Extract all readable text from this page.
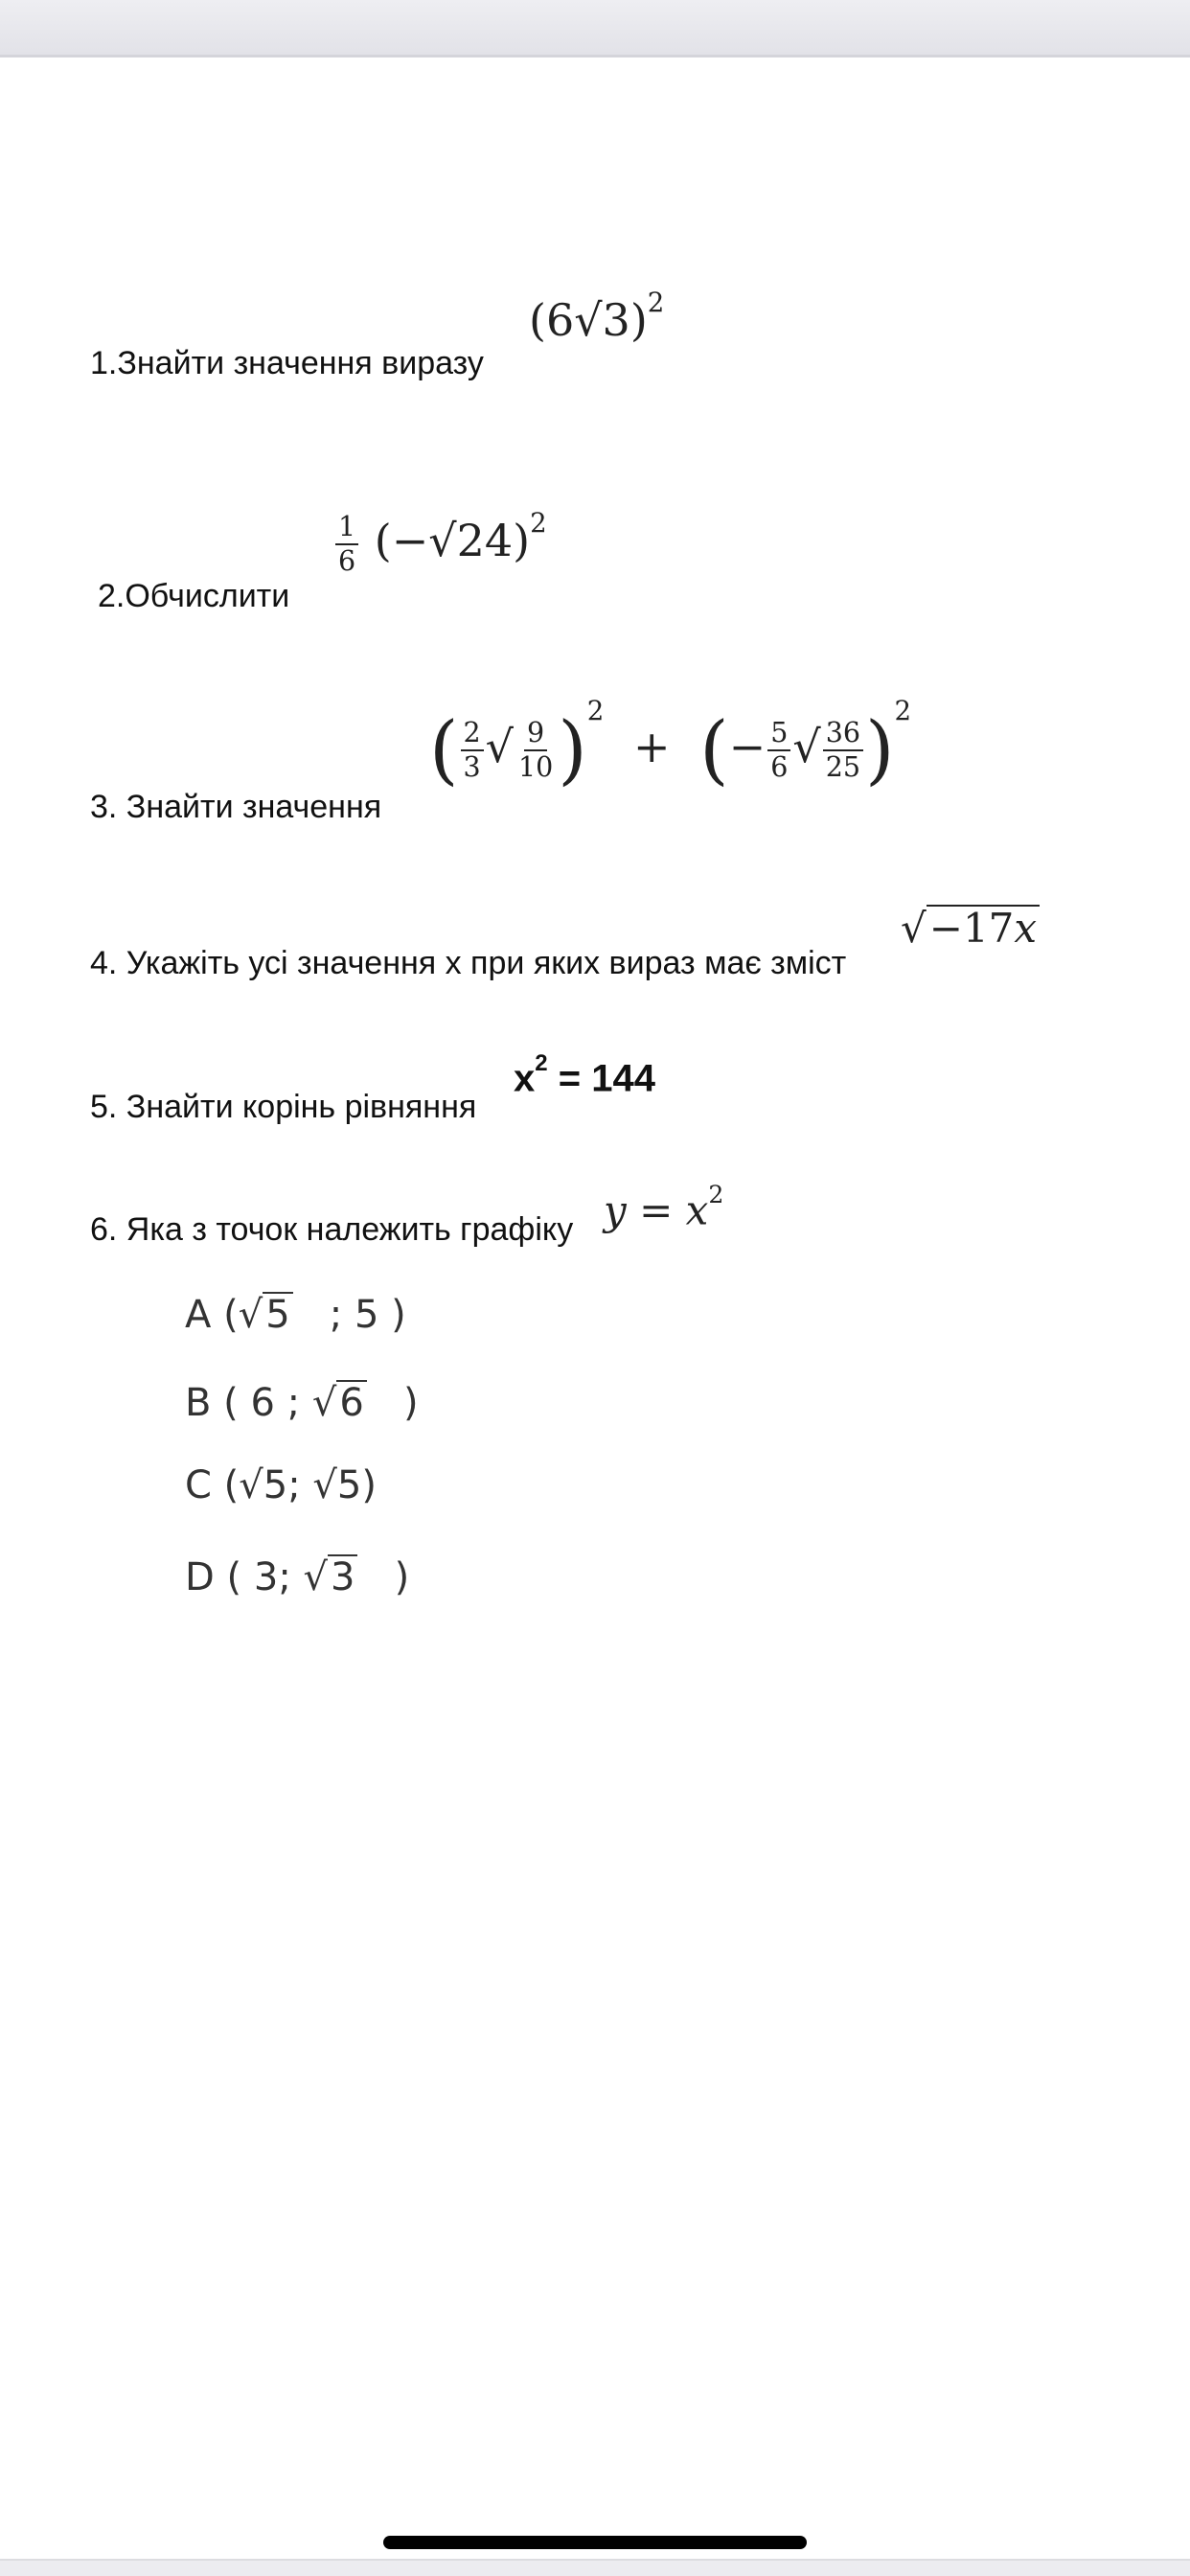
1.Знайти значення виразу
$(6√3)^2$
2.Обчислити
$\frac{1}{6} (-√24)^2$
3. Знайти значення
( $\frac{2}{3}$ √ $\frac{9}{10} )^2$ + (− $\frac{5}{6}$ √ $\frac{36}{25} )^2$
4. Укажіть усі значення х при яких вираз має зміст
√−17x
5. Знайти корінь рівняння
$x^2 = 144$
6. Яка з точок належить графіку $y = x^2$
A (√5   ; 5 )
B ( 6 ; √6   )
C (√5; √5)
D ( 3; √3   )
